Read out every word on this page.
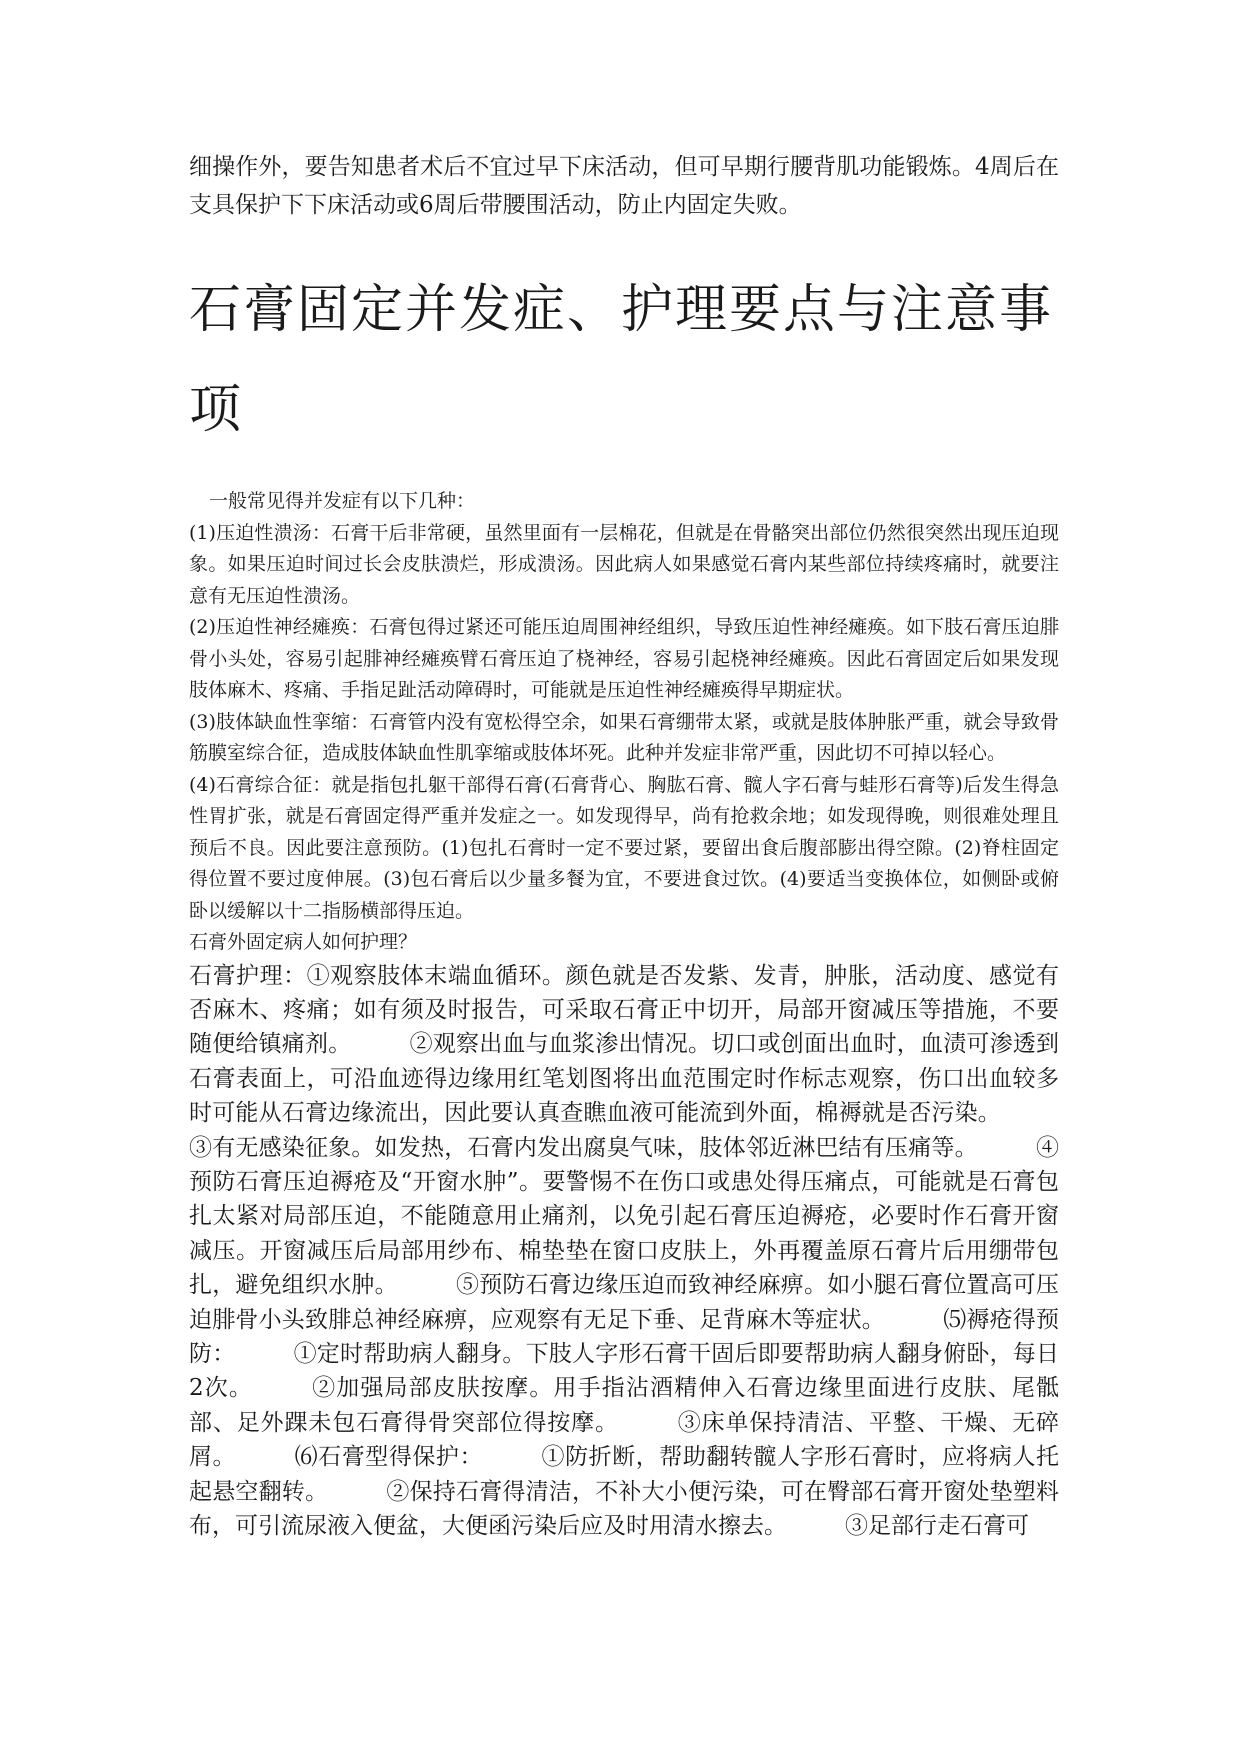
细操作外，要告知患者术后不宜过早下床活动，但可早期行腰背肌功能锻炼。4周后在支具保护下下床活动或6周后带腰围活动，防止内固定失败。

石膏固定并发症、护理要点与注意事项

一般常见得并发症有以下几种：

(1)压迫性溃汤：石膏干后非常硬，虽然里面有一层棉花，但就是在骨骼突出部位仍然很突然出现压迫现象。如果压迫时间过长会皮肤溃烂，形成溃汤。因此病人如果感觉石膏内某些部位持续疼痛时，就要注意有无压迫性溃汤。

(2)压迫性神经瘫痪：石膏包得过紧还可能压迫周围神经组织，导致压迫性神经瘫痪。如下肢石膏压迫腓骨小头处，容易引起腓神经瘫痪臂石膏压迫了桡神经，容易引起桡神经瘫痪。因此石膏固定后如果发现肢体麻木、疼痛、手指足趾活动障碍时，可能就是压迫性神经瘫痪得早期症状。

(3)肢体缺血性挛缩：石膏管内没有宽松得空余，如果石膏绷带太紧，或就是肢体肿胀严重，就会导致骨筋膜室综合征，造成肢体缺血性肌挛缩或肢体坏死。此种并发症非常严重，因此切不可掉以轻心。

(4)石膏综合征：就是指包扎躯干部得石膏(石膏背心、胸肱石膏、髋人字石膏与蛙形石膏等)后发生得急性胃扩张，就是石膏固定得严重并发症之一。如发现得早，尚有抢救余地；如发现得晚，则很难处理且预后不良。因此要注意预防。(1)包扎石膏时一定不要过紧，要留出食后腹部膨出得空隙。(2)脊柱固定得位置不要过度伸展。(3)包石膏后以少量多餐为宜，不要进食过饮。(4)要适当变换体位，如侧卧或俯卧以缓解以十二指肠横部得压迫。

石膏外固定病人如何护理？

石膏护理：①观察肢体末端血循环。颜色就是否发紫、发青，肿胀，活动度、感觉有否麻木、疼痛；如有须及时报告，可采取石膏正中切开，局部开窗减压等措施，不要随便给镇痛剂。	②观察出血与血浆渗出情况。切口或创面出血时，血渍可渗透到石膏表面上，可沿血迹得边缘用红笔划图将出血范围定时作标志观察，伤口出血较多时可能从石膏边缘流出，因此要认真查瞧血液可能流到外面，棉褥就是否污染。③有无感染征象。如发热，石膏内发出腐臭气味，肢体邻近淋巴结有压痛等。	④预防石膏压迫褥疮及“开窗水肿”。要警惕不在伤口或患处得压痛点，可能就是石膏包扎太紧对局部压迫，不能随意用止痛剂，以免引起石膏压迫褥疮，必要时作石膏开窗减压。开窗减压后局部用纱布、棉垫垫在窗口皮肤上，外再覆盖原石膏片后用绷带包扎，避免组织水肿。	⑤预防石膏边缘压迫而致神经麻痹。如小腿石膏位置高可压迫腓骨小头致腓总神经麻痹，应观察有无足下垂、足背麻木等症状。	⑸褥疮得预防：	①定时帮助病人翻身。下肢人字形石膏干固后即要帮助病人翻身俯卧，每日2次。	②加强局部皮肤按摩。用手指沾酒精伸入石膏边缘里面进行皮肤、尾骶部、足外踝未包石膏得骨突部位得按摩。	③床单保持清洁、平整、干燥、无碎屑。	⑹石膏型得保护：	①防折断，帮助翻转髋人字形石膏时，应将病人托起悬空翻转。	②保持石膏得清洁，不补大小便污染，可在臀部石膏开窗处垫塑料布，可引流尿液入便盆，大便函污染后应及时用清水擦去。	③足部行走石膏可
